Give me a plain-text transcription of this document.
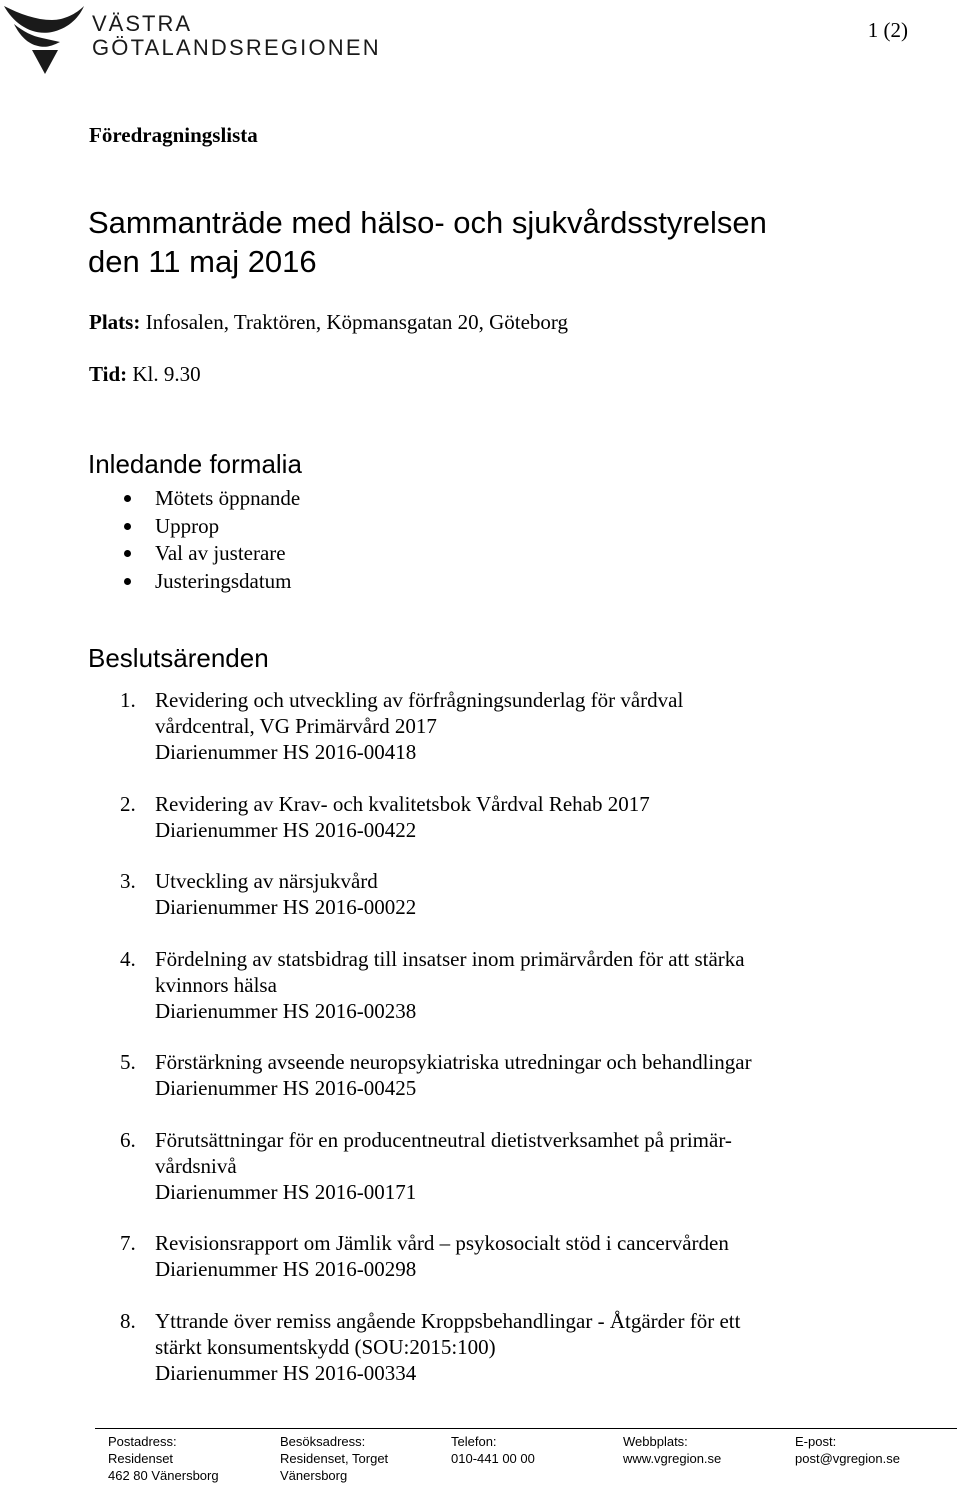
VÄSTRA
GÖTALANDSREGIONEN
1 (2)
Föredragningslista
Sammanträde med hälso- och sjukvårdsstyrelsen
den 11 maj 2016
Plats: Infosalen, Traktören, Köpmansgatan 20, Göteborg
Tid: Kl. 9.30
Inledande formalia
Mötets öppnande
Upprop
Val av justerare
Justeringsdatum
Beslutsärenden
1. Revidering och utveckling av förfrågningsunderlag för vårdval
vårdcentral, VG Primärvård 2017
Diarienummer HS 2016-00418
2. Revidering av Krav- och kvalitetsbok Vårdval Rehab 2017
Diarienummer HS 2016-00422
3. Utveckling av närsjukvård
Diarienummer HS 2016-00022
4. Fördelning av statsbidrag till insatser inom primärvården för att stärka
kvinnors hälsa
Diarienummer HS 2016-00238
5. Förstärkning avseende neuropsykiatriska utredningar och behandlingar
Diarienummer HS 2016-00425
6. Förutsättningar för en producentneutral dietistverksamhet på primär-
vårdsnivå
Diarienummer HS 2016-00171
7. Revisionsrapport om Jämlik vård – psykosocialt stöd i cancervården
Diarienummer HS 2016-00298
8. Yttrande över remiss angående Kroppsbehandlingar - Åtgärder för ett
stärkt konsumentskydd (SOU:2015:100)
Diarienummer HS 2016-00334
Postadress:
Residenset
462 80 Vänersborg
Besöksadress:
Residenset, Torget
Vänersborg
Telefon:
010-441 00 00
Webbplats:
www.vgregion.se
E-post:
post@vgregion.se
